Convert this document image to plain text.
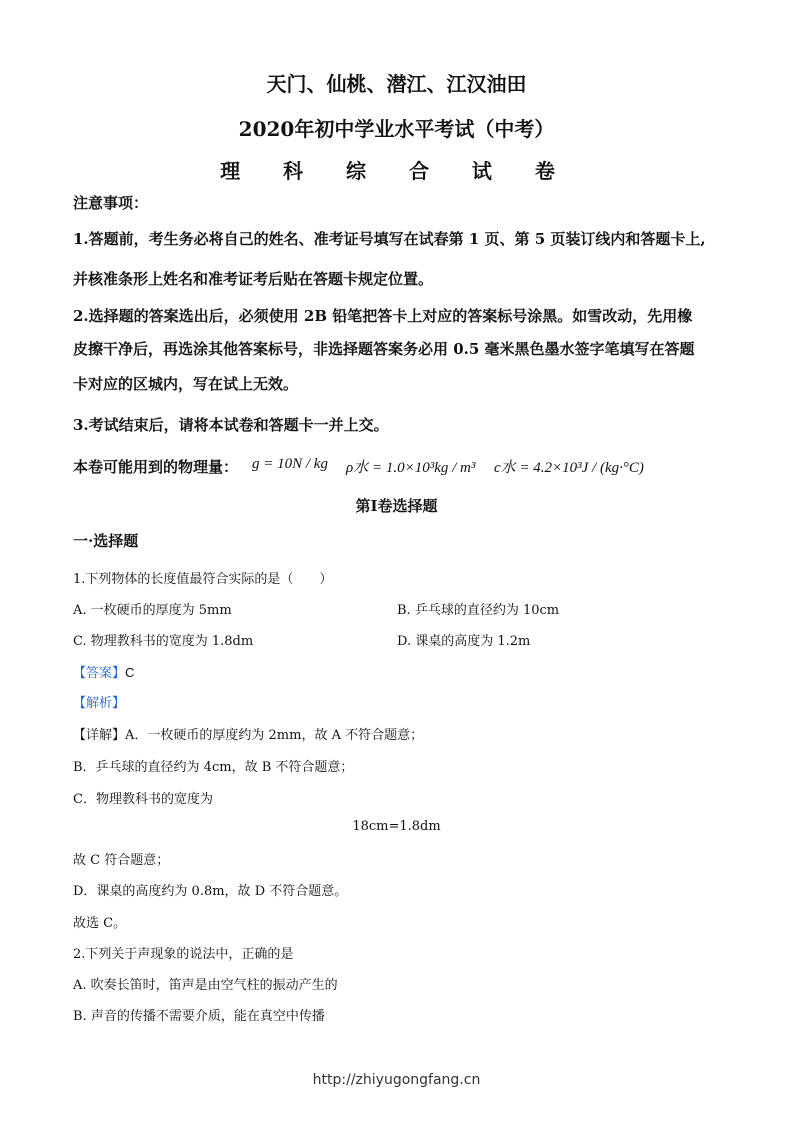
天门、仙桃、潜江、江汉油田
2020年初中学业水平考试（中考）
理 科 综 合 试 卷
注意事项：
1.答题前，考生务必将自己的姓名、准考证号填写在试春第 1 页、第 5 页装订线内和答题卡上,
并核准条形上姓名和准考证考后贴在答题卡规定位置。
2.选择题的答案选出后，必须使用 2B 铅笔把答卡上对应的答案标号涂黑。如雪改动，先用橡
皮擦干净后，再选涂其他答案标号，非选择题答案务必用 0.5 毫米黑色墨水签字笔填写在答题
卡对应的区城内，写在试上无效。
3.考试结束后，请将本试卷和答题卡一并上交。
本卷可能用到的物理量： g = 10N / kg ρ水 = 1.0×10³kg / m³ c水 = 4.2×10³J / (kg·°C)
第Ⅰ卷选择题
一·选择题
1.下列物体的长度值最符合实际的是（　　）
A. 一枚硬币的厚度为 5mm	B. 乒乓球的直径约为 10cm
C. 物理教科书的宽度为 1.8dm	D. 课桌的高度为 1.2m
【答案】C
【解析】
【详解】A．一枚硬币的厚度约为 2mm，故 A 不符合题意；
B．乒乓球的直径约为 4cm，故 B 不符合题意；
C．物理教科书的宽度为
18cm=1.8dm
故 C 符合题意；
D．课桌的高度约为 0.8m，故 D 不符合题意。
故选 C。
2.下列关于声现象的说法中，正确的是
A. 吹奏长笛时，笛声是由空气柱的振动产生的
B. 声音的传播不需要介质，能在真空中传播
http://zhiyugongfang.cn
